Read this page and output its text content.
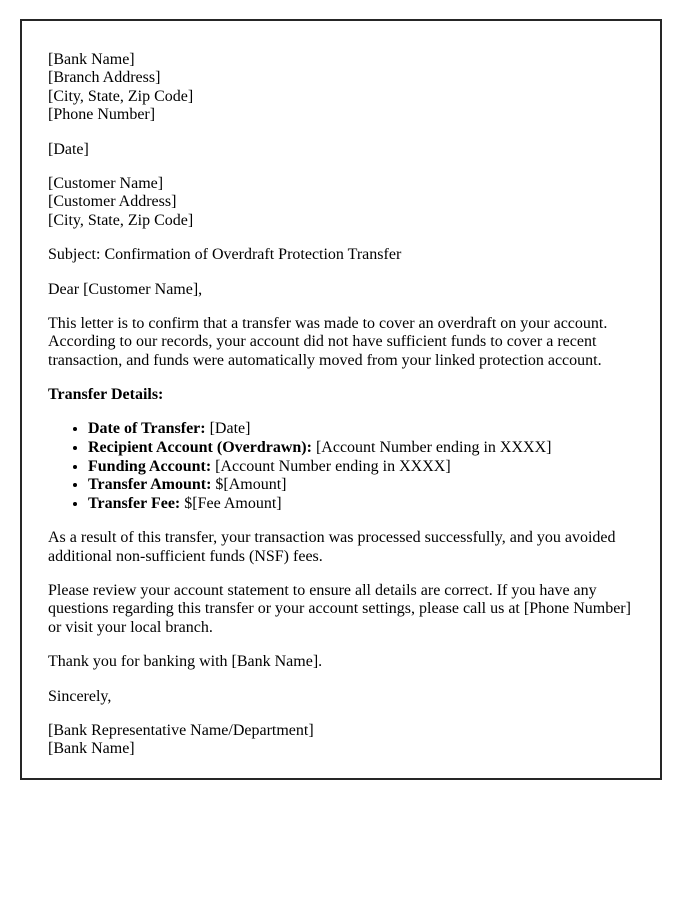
[Bank Name]
[Branch Address]
[City, State, Zip Code]
[Phone Number]

[Date]

[Customer Name]
[Customer Address]
[City, State, Zip Code]

Subject: Confirmation of Overdraft Protection Transfer

Dear [Customer Name],

This letter is to confirm that a transfer was made to cover an overdraft on your account. According to our records, your account did not have sufficient funds to cover a recent transaction, and funds were automatically moved from your linked protection account.

Transfer Details:

• Date of Transfer: [Date]
• Recipient Account (Overdrawn): [Account Number ending in XXXX]
• Funding Account: [Account Number ending in XXXX]
• Transfer Amount: $[Amount]
• Transfer Fee: $[Fee Amount]

As a result of this transfer, your transaction was processed successfully, and you avoided additional non-sufficient funds (NSF) fees.

Please review your account statement to ensure all details are correct. If you have any questions regarding this transfer or your account settings, please call us at [Phone Number] or visit your local branch.

Thank you for banking with [Bank Name].

Sincerely,

[Bank Representative Name/Department]
[Bank Name]
